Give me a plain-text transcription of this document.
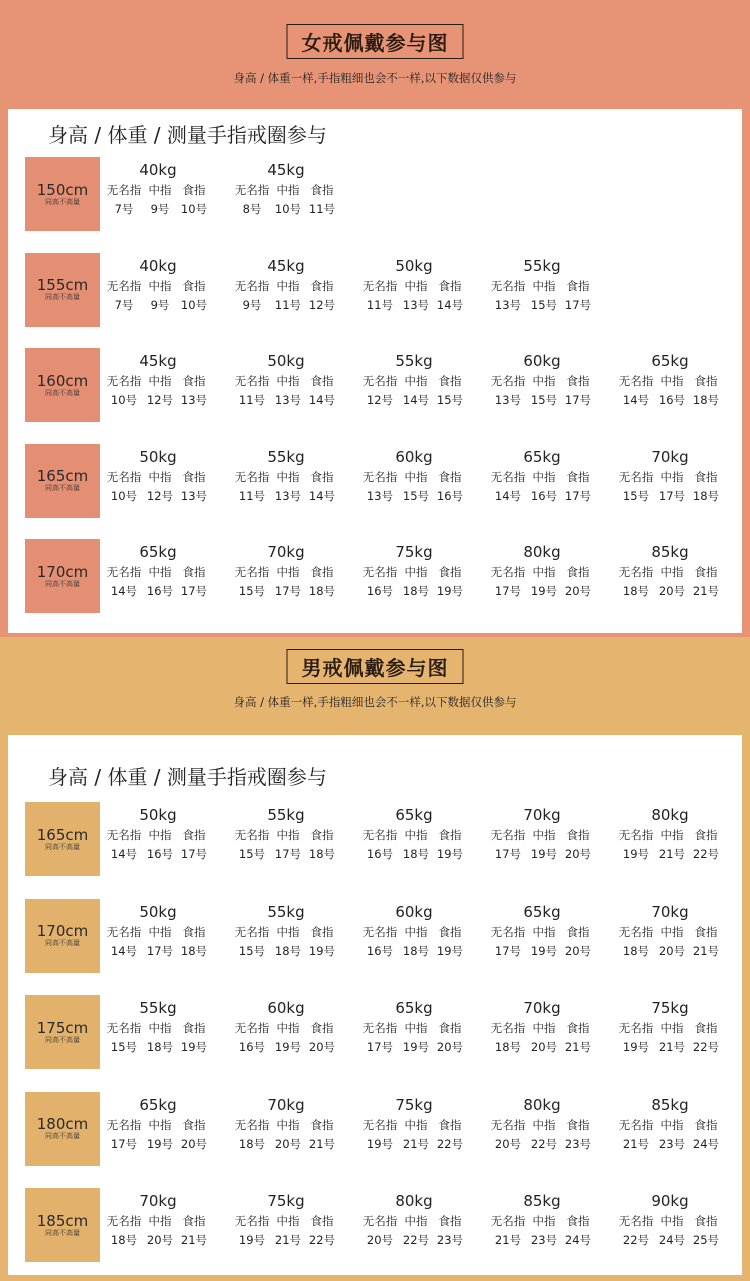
女戒佩戴参与图
身高 / 体重一样,手指粗细也会不一样,以下数据仅供参与
身高 / 体重 / 测量手指戒圈参与
150cm
同高不高量
40kg
无名指 中指 食指
7号	9号	10号
45kg
无名指 中指 食指
8号	10号 11号
155cm
同高不高量
40kg
无名指 中指 食指
7号	9号	10号
45kg
无名指 中指 食指
9号	11号 12号
50kg
无名指 中指 食指
11号 13号 14号
55kg
无名指 中指 食指
13号 15号 17号
160cm
同高不高量
45kg
无名指 中指 食指
10号 12号 13号
50kg
无名指 中指 食指
11号 13号 14号
55kg
无名指 中指 食指
12号 14号 15号
60kg
无名指 中指 食指
13号 15号 17号
65kg
无名指 中指 食指
14号 16号 18号
165cm
同高不高量
50kg
无名指 中指 食指
10号 12号 13号
55kg
无名指 中指 食指
11号 13号 14号
60kg
无名指 中指 食指
13号 15号 16号
65kg
无名指 中指 食指
14号 16号 17号
70kg
无名指 中指 食指
15号 17号 18号
170cm
同高不高量
65kg
无名指 中指 食指
14号 16号 17号
70kg
无名指 中指 食指
15号 17号 18号
75kg
无名指 中指 食指
16号 18号 19号
80kg
无名指 中指 食指
17号 19号 20号
85kg
无名指 中指 食指
18号 20号 21号
男戒佩戴参与图
身高 / 体重一样,手指粗细也会不一样,以下数据仅供参与
身高 / 体重 / 测量手指戒圈参与
165cm
同高不高量
50kg
无名指 中指 食指
14号 16号 17号
55kg
无名指 中指 食指
15号 17号 18号
65kg
无名指 中指 食指
16号 18号 19号
70kg
无名指 中指 食指
17号 19号 20号
80kg
无名指 中指 食指
19号 21号 22号
170cm
同高不高量
50kg
无名指 中指 食指
14号 17号 18号
55kg
无名指 中指 食指
15号 18号 19号
60kg
无名指 中指 食指
16号 18号 19号
65kg
无名指 中指 食指
17号 19号 20号
70kg
无名指 中指 食指
18号 20号 21号
175cm
同高不高量
55kg
无名指 中指 食指
15号 18号 19号
60kg
无名指 中指 食指
16号 19号 20号
65kg
无名指 中指 食指
17号 19号 20号
70kg
无名指 中指 食指
18号 20号 21号
75kg
无名指 中指 食指
19号 21号 22号
180cm
同高不高量
65kg
无名指 中指 食指
17号 19号 20号
70kg
无名指 中指 食指
18号 20号 21号
75kg
无名指 中指 食指
19号 21号 22号
80kg
无名指 中指 食指
20号 22号 23号
85kg
无名指 中指 食指
21号 23号 24号
185cm
同高不高量
70kg
无名指 中指 食指
18号 20号 21号
75kg
无名指 中指 食指
19号 21号 22号
80kg
无名指 中指 食指
20号 22号 23号
85kg
无名指 中指 食指
21号 23号 24号
90kg
无名指 中指 食指
22号 24号 25号
